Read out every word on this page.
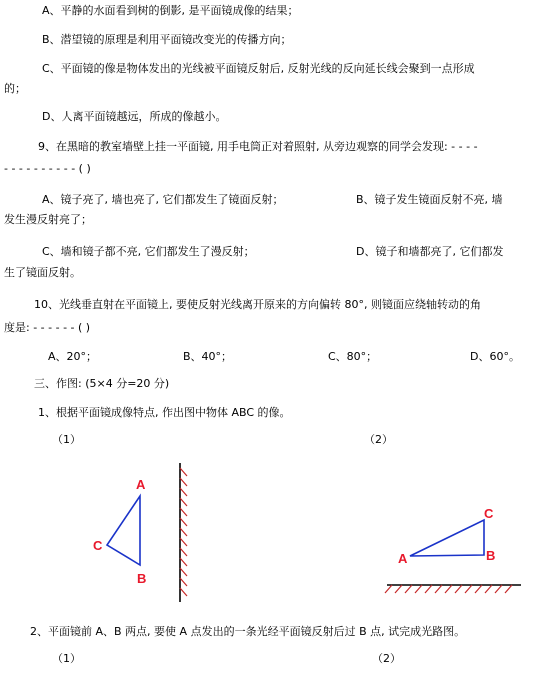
A、平静的水面看到树的倒影, 是平面镜成像的结果；
B、潜望镜的原理是利用平面镜改变光的传播方向；
C、平面镜的像是物体发出的光线被平面镜反射后, 反射光线的反向延长线会聚到一点形成
的；
D、人离平面镜越远，所成的像越小。
9、在黑暗的教室墙壁上挂一平面镜, 用手电筒正对着照射, 从旁边观察的同学会发现: - - - -
- - - - - - - - - - ( )
A、镜子亮了, 墙也亮了, 它们都发生了镜面反射；	B、镜子发生镜面反射不亮, 墙
发生漫反射亮了；
C、墙和镜子都不亮, 它们都发生了漫反射；	D、镜子和墙都亮了, 它们都发
生了镜面反射。
10、光线垂直射在平面镜上, 要使反射光线离开原来的方向偏转 80°, 则镜面应绕轴转动的角
度是: - - - - - - ( )
A、20°；	B、40°；	C、80°；	D、60°。
三、作图: (5×4 分=20 分)
1、根据平面镜成像特点, 作出图中物体 ABC 的像。
（1）	（2）
A
B
C
A	B
C
2、平面镜前 A、B 两点, 要使 A 点发出的一条光经平面镜反射后过 B 点, 试完成光路图。
（1）	（2）
